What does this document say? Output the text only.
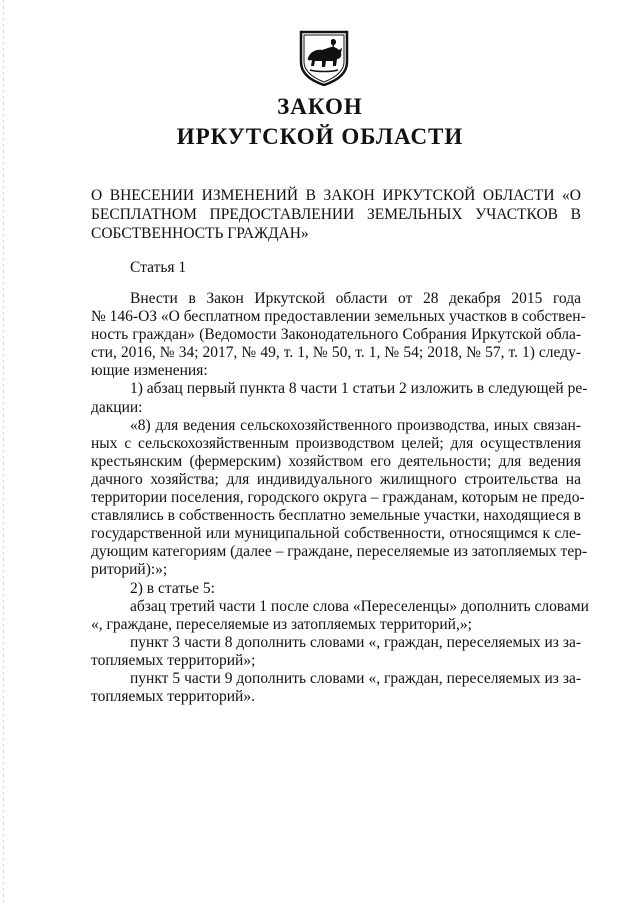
ЗАКОН
ИРКУТСКОЙ ОБЛАСТИ
О ВНЕСЕНИИ ИЗМЕНЕНИЙ В ЗАКОН ИРКУТСКОЙ ОБЛАСТИ «О
БЕСПЛАТНОМ ПРЕДОСТАВЛЕНИИ ЗЕМЕЛЬНЫХ УЧАСТКОВ В
СОБСТВЕННОСТЬ ГРАЖДАН»
Статья 1
Внести в Закон Иркутской области от 28 декабря 2015 года
№ 146-ОЗ «О бесплатном предоставлении земельных участков в собствен-
ность граждан» (Ведомости Законодательного Собрания Иркутской обла-
сти, 2016, № 34; 2017, № 49, т. 1, № 50, т. 1, № 54; 2018, № 57, т. 1) следу-
ющие изменения:
1) абзац первый пункта 8 части 1 статьи 2 изложить в следующей ре-
дакции:
«8) для ведения сельскохозяйственного производства, иных связан-
ных с сельскохозяйственным производством целей; для осуществления
крестьянским (фермерским) хозяйством его деятельности; для ведения
дачного хозяйства; для индивидуального жилищного строительства на
территории поселения, городского округа – гражданам, которым не предо-
ставлялись в собственность бесплатно земельные участки, находящиеся в
государственной или муниципальной собственности, относящимся к сле-
дующим категориям (далее – граждане, переселяемые из затопляемых тер-
риторий):»;
2) в статье 5:
абзац третий части 1 после слова «Переселенцы» дополнить словами
«, граждане, переселяемые из затопляемых территорий,»;
пункт 3 части 8 дополнить словами «, граждан, переселяемых из за-
топляемых территорий»;
пункт 5 части 9 дополнить словами «, граждан, переселяемых из за-
топляемых территорий».
